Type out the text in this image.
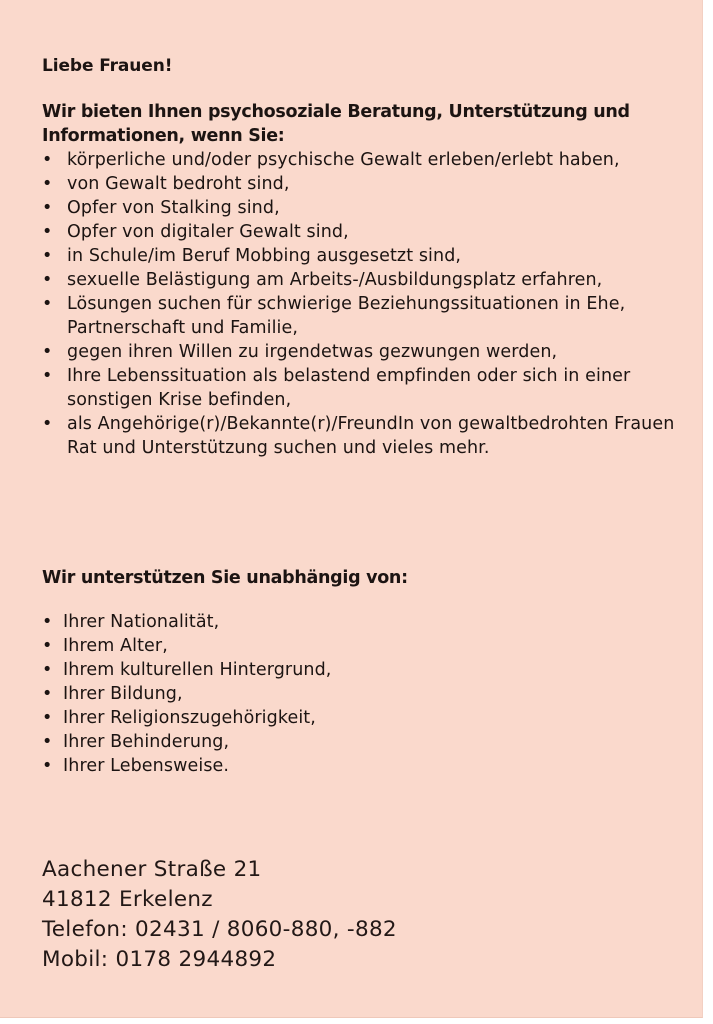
Liebe Frauen!

Wir bieten Ihnen psychosoziale Beratung, Unterstützung und Informationen, wenn Sie:

• körperliche und/oder psychische Gewalt erleben/erlebt haben,
• von Gewalt bedroht sind,
• Opfer von Stalking sind,
• Opfer von digitaler Gewalt sind,
• in Schule/im Beruf Mobbing ausgesetzt sind,
• sexuelle Belästigung am Arbeits-/Ausbildungsplatz erfahren,
• Lösungen suchen für schwierige Beziehungssituationen in Ehe, Partnerschaft und Familie,
• gegen ihren Willen zu irgendetwas gezwungen werden,
• Ihre Lebenssituation als belastend empfinden oder sich in einer sonstigen Krise befinden,
• als Angehörige(r)/Bekannte(r)/FreundIn von gewaltbedrohten Frauen Rat und Unterstützung suchen und vieles mehr.

Wir unterstützen Sie unabhängig von:

• Ihrer Nationalität,
• Ihrem Alter,
• Ihrem kulturellen Hintergrund,
• Ihrer Bildung,
• Ihrer Religionszugehörigkeit,
• Ihrer Behinderung,
• Ihrer Lebensweise.
Aachener Straße 21
41812 Erkelenz
Telefon: 02431 / 8060-880, -882
Mobil: 0178 2944892
